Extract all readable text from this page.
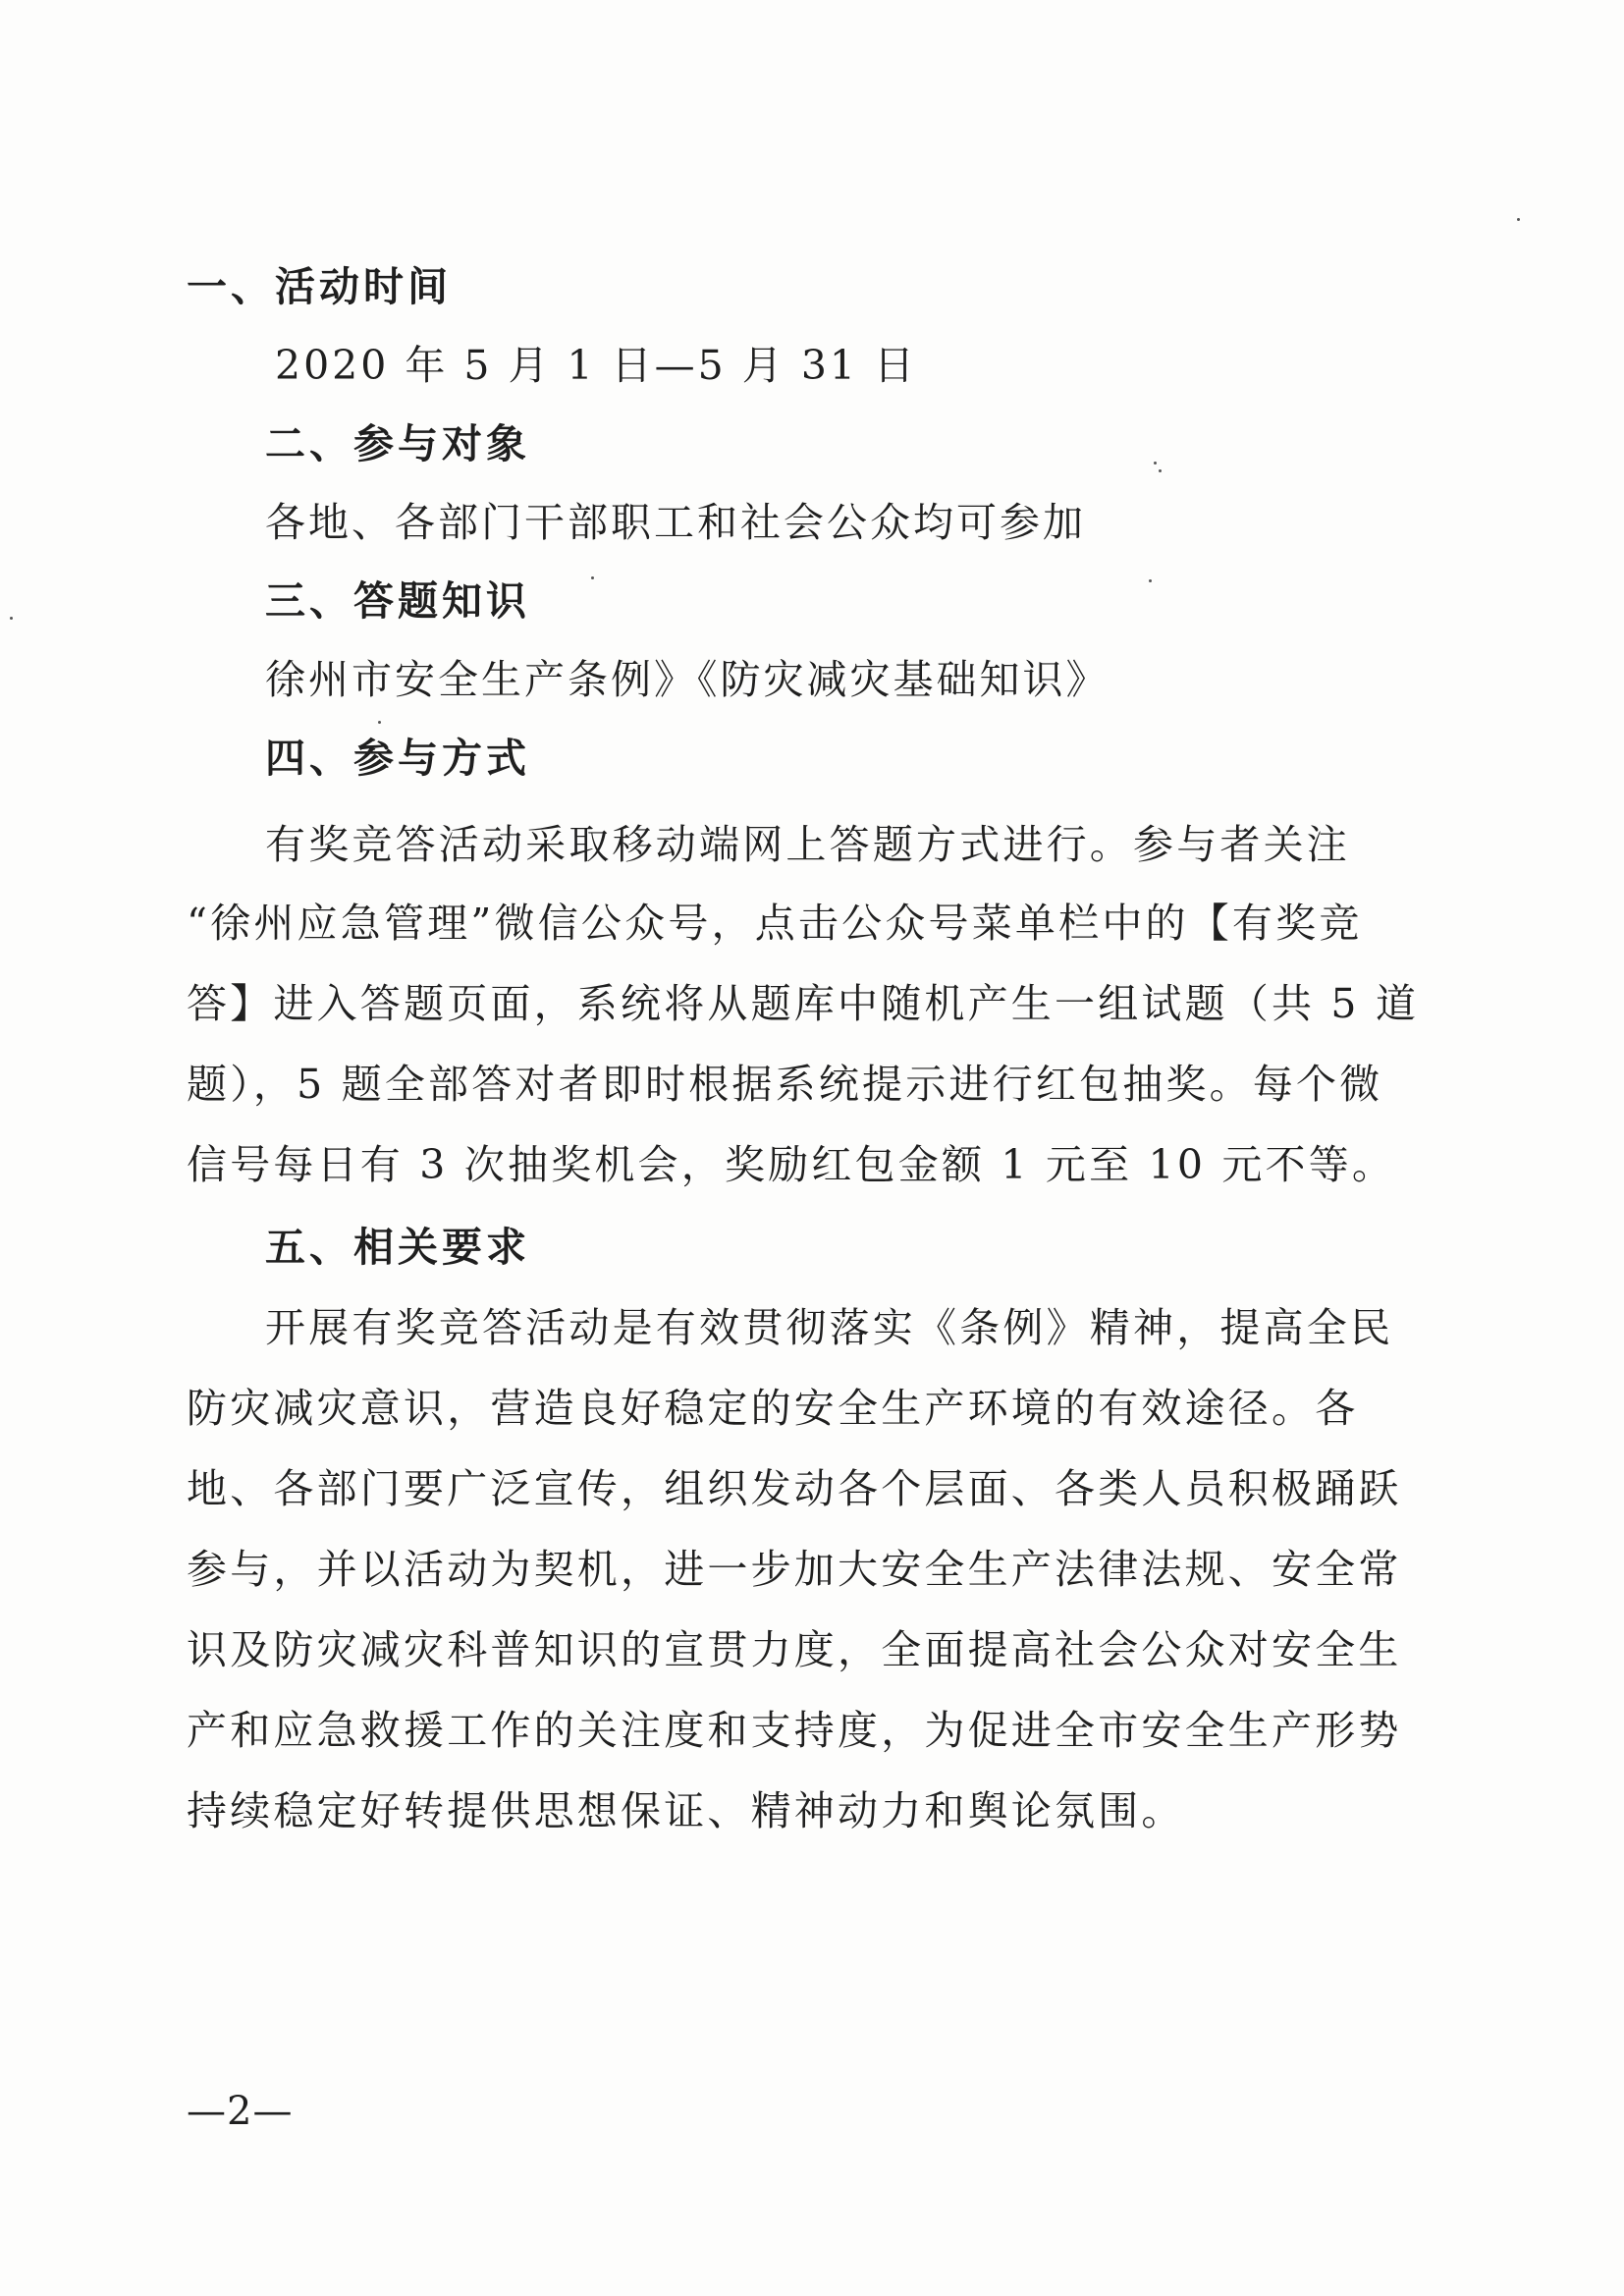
一、活动时间
2020 年 5 月 1 日—5 月 31 日
二、参与对象
各地、各部门干部职工和社会公众均可参加
三、答题知识
徐州市安全生产条例》《防灾减灾基础知识》
四、参与方式
有奖竞答活动采取移动端网上答题方式进行。参与者关注
“徐州应急管理”微信公众号，点击公众号菜单栏中的【有奖竞
答】进入答题页面，系统将从题库中随机产生一组试题（共 5 道
题），5 题全部答对者即时根据系统提示进行红包抽奖。每个微
信号每日有 3 次抽奖机会，奖励红包金额 1 元至 10 元不等。
五、相关要求
开展有奖竞答活动是有效贯彻落实《条例》精神，提高全民
防灾减灾意识，营造良好稳定的安全生产环境的有效途径。各
地、各部门要广泛宣传，组织发动各个层面、各类人员积极踊跃
参与，并以活动为契机，进一步加大安全生产法律法规、安全常
识及防灾减灾科普知识的宣贯力度，全面提高社会公众对安全生
产和应急救援工作的关注度和支持度，为促进全市安全生产形势
持续稳定好转提供思想保证、精神动力和舆论氛围。
—2—
